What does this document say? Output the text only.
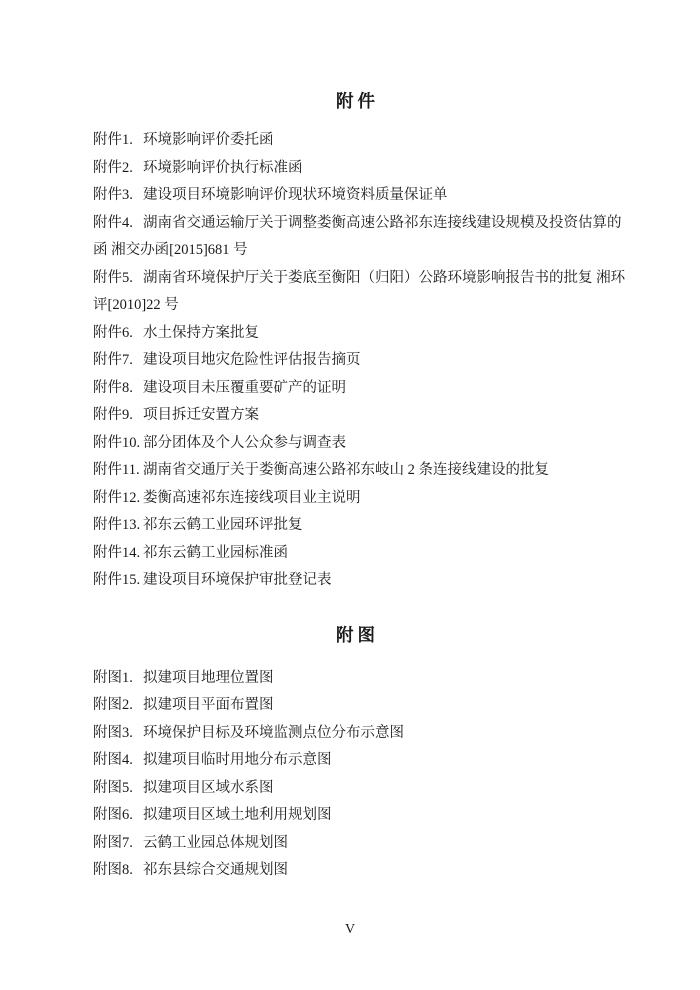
附件
附件1. 环境影响评价委托函
附件2. 环境影响评价执行标准函
附件3. 建设项目环境影响评价现状环境资料质量保证单
附件4. 湖南省交通运输厅关于调整娄衡高速公路祁东连接线建设规模及投资估算的
函 湘交办函[2015]681 号
附件5. 湖南省环境保护厅关于娄底至衡阳（归阳）公路环境影响报告书的批复 湘环
评[2010]22 号
附件6. 水土保持方案批复
附件7. 建设项目地灾危险性评估报告摘页
附件8. 建设项目未压覆重要矿产的证明
附件9. 项目拆迁安置方案
附件10. 部分团体及个人公众参与调查表
附件11. 湖南省交通厅关于娄衡高速公路祁东岐山 2 条连接线建设的批复
附件12. 娄衡高速祁东连接线项目业主说明
附件13. 祁东云鹤工业园环评批复
附件14. 祁东云鹤工业园标准函
附件15. 建设项目环境保护审批登记表
附图
附图1. 拟建项目地理位置图
附图2. 拟建项目平面布置图
附图3. 环境保护目标及环境监测点位分布示意图
附图4. 拟建项目临时用地分布示意图
附图5. 拟建项目区域水系图
附图6. 拟建项目区域土地利用规划图
附图7. 云鹤工业园总体规划图
附图8. 祁东县综合交通规划图
V
